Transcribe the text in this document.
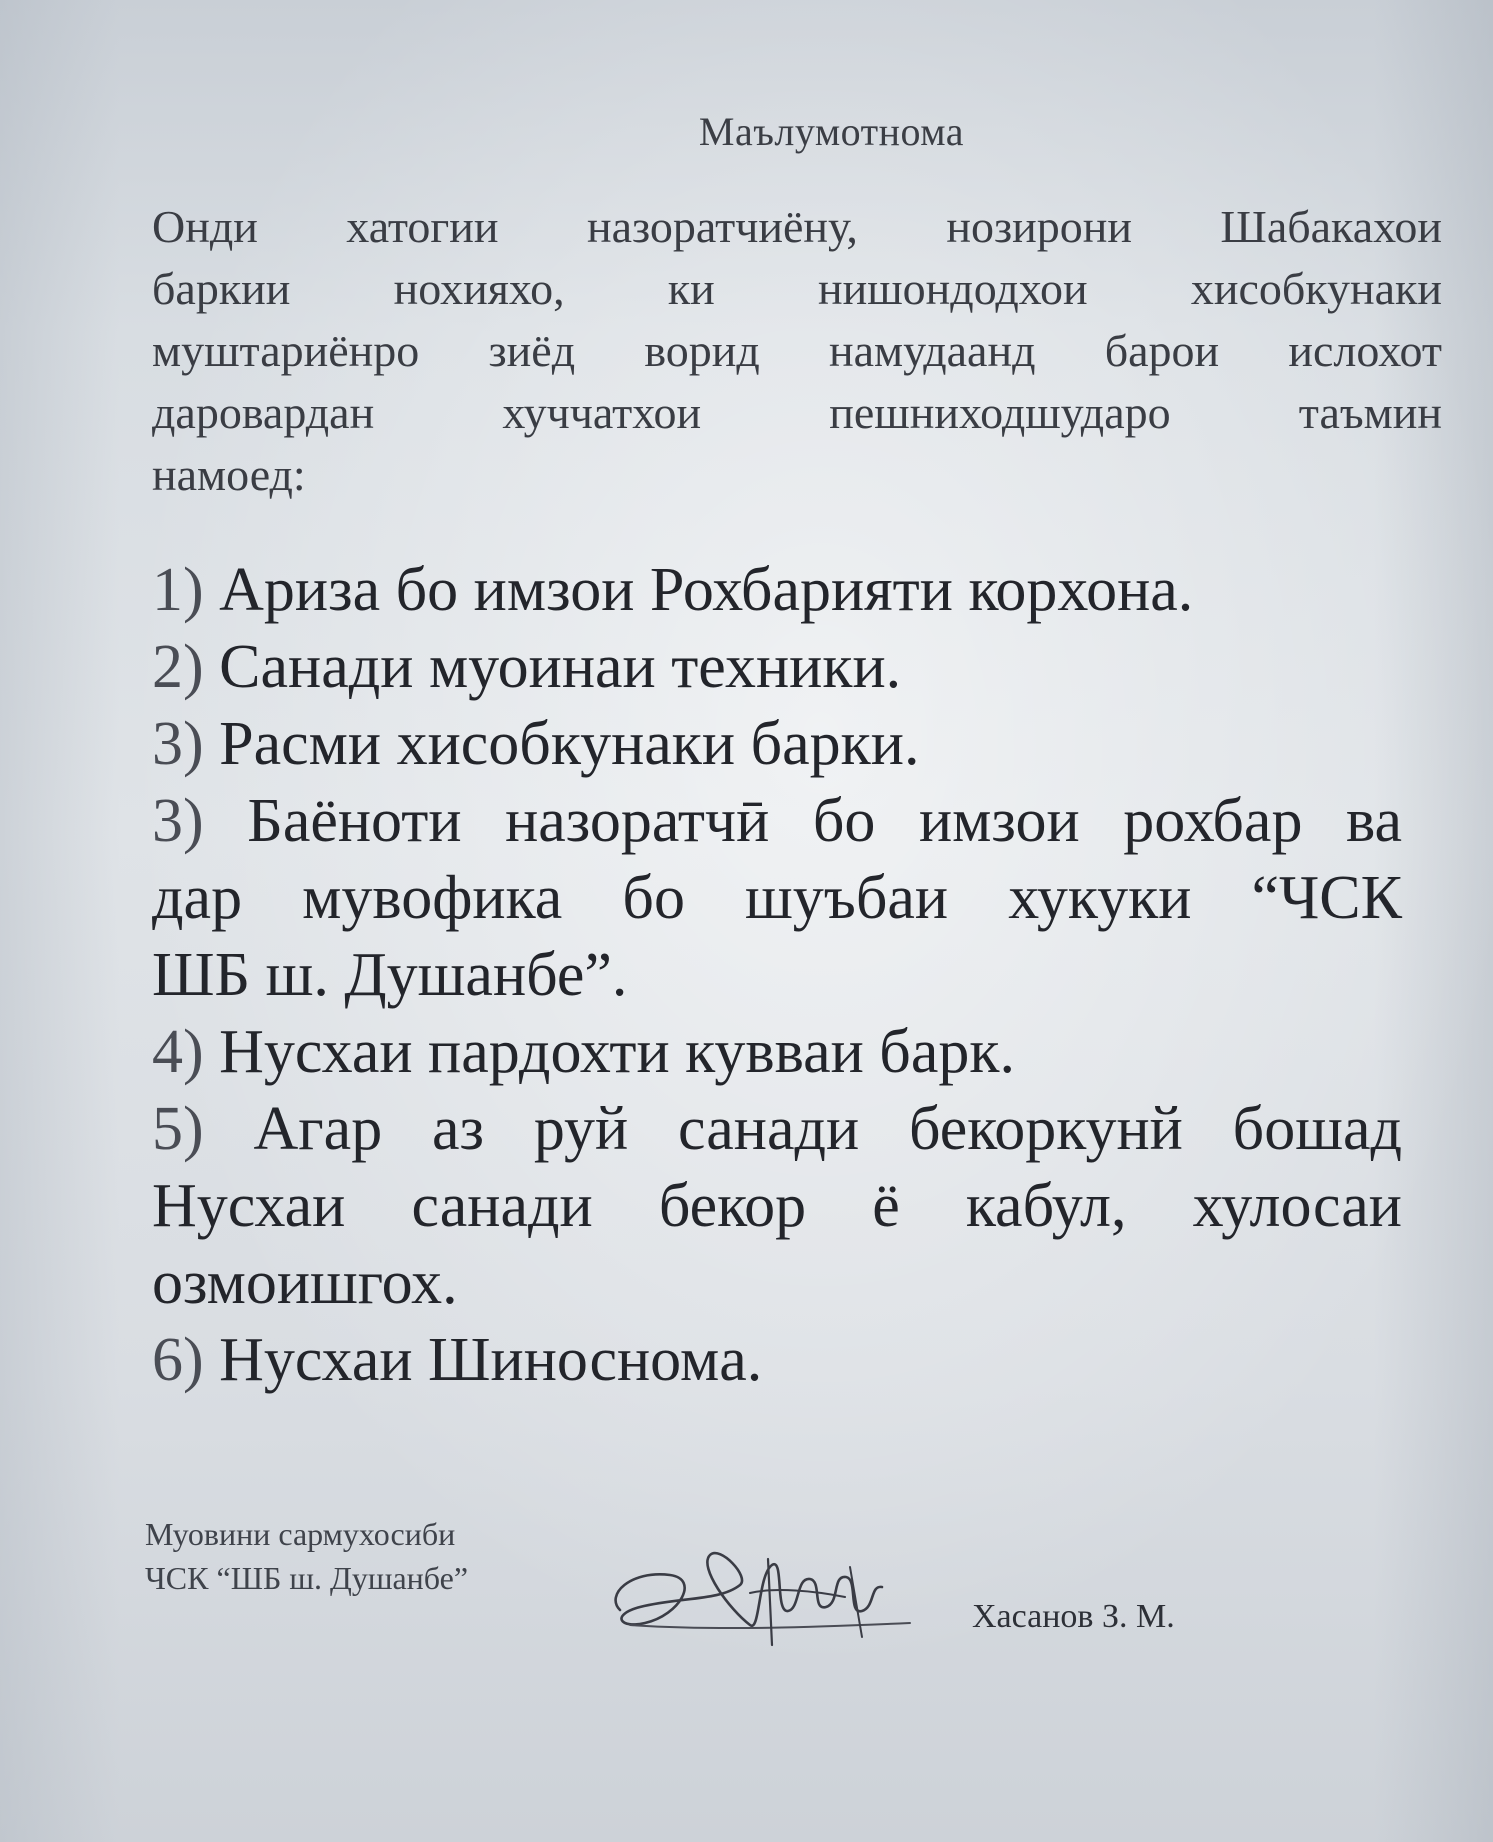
Маълумотнома
Онди хатогии назоратчиёну, нозирони Шабакахои
баркии нохияхо, ки нишондодхои хисобкунаки
муштариёнро зиёд ворид намудаанд барои ислохот
даровардан хуччатхои пешниходшударо таъмин
намоед:
1) Ариза бо имзои Рохбарияти корхона.
2) Санади муоинаи техники.
3) Расми хисобкунаки барки.
3) Баёноти назоратчӣ бо имзои рохбар ва
дар мувофика бо шуъбаи хукуки “ЧСК
ШБ ш. Душанбе”.
4) Нусхаи пардохти кувваи барк.
5) Агар аз руй санади бекоркунй бошад
Нусхаи санади бекор ё кабул, хулосаи
озмоишгох.
6) Нусхаи Шиносномa.
Муовини сармухосиби
ЧСК “ШБ ш. Душанбе”
Хасанов З. М.
